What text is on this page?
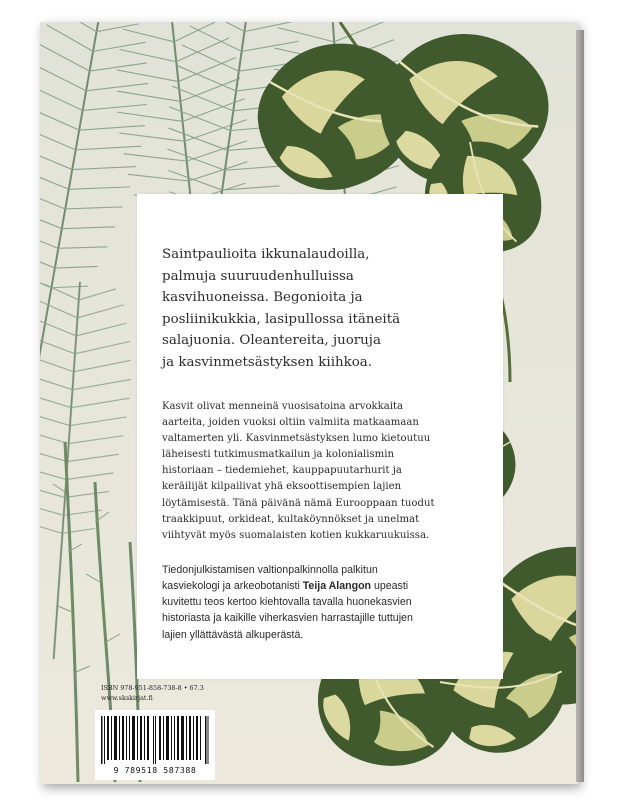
Saintpaulioita ikkunalaudoilla,
palmuja suuruudenhulluissa
kasvihuoneissa. Begonioita ja
posliinikukkia, lasipullossa itäneitä
salajuonia. Oleantereita, juoruja
ja kasvinmetsästyksen kiihkoa.
Kasvit olivat menneinä vuosisatoina arvokkaita
aarteita, joiden vuoksi oltiin valmiita matkaamaan
valtamerten yli. Kasvinmetsästyksen lumo kietoutuu
läheisesti tutkimusmatkailun ja kolonialismin
historiaan – tiedemiehet, kauppapuutarhurit ja
keräilijät kilpailivat yhä eksoottisempien lajien
löytämisestä. Tänä päivänä nämä Eurooppaan tuodut
traakkipuut, orkideat, kultaköynnökset ja unelmat
viihtyvät myös suomalaisten kotien kukkaruukuissa.
Tiedonjulkistamisen valtionpalkinnolla palkitun
kasviekologi ja arkeobotanisti Teija Alangon upeasti
kuvitettu teos kertoo kiehtovalla tavalla huonekasvien
historiasta ja kaikille viherkasvien harrastajille tuttujen
lajien yllättävästä alkuperästä.
ISBN 978-951-858-738-8 • 67.3
www.skskirjat.fi
9 789518 587388
